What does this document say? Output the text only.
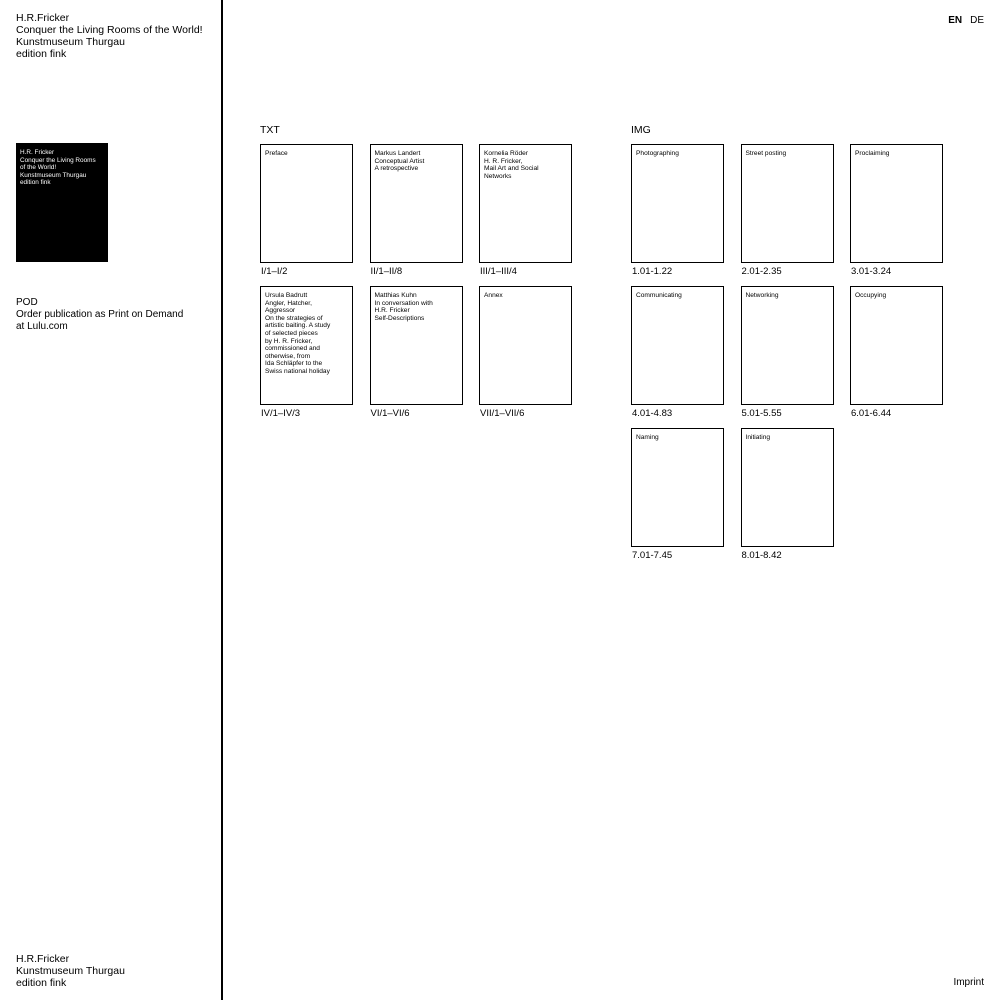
H.R.Fricker
Conquer the Living Rooms of the World!
Kunstmuseum Thurgau
edition fink
H.R. Fricker
Conquer the Living Rooms
of the World!
Kunstmuseum Thurgau
edition fink
POD
Order publication as Print on Demand
at Lulu.com
H.R.Fricker
Kunstmuseum Thurgau
edition fink
EN DE
TXT	IMG
Preface
I/1–I/2
Markus Landert
Conceptual Artist
A retrospective
II/1–II/8
Kornelia Röder
H. R. Fricker,
Mail Art and Social
Networks
III/1–III/4
Ursula Badrutt
Angler, Hatcher,
Aggressor
On the strategies of
artistic baiting. A study
of selected pieces
by H. R. Fricker,
commissioned and
otherwise, from
Ida Schläpfer to the
Swiss national holiday
IV/1–IV/3
Matthias Kuhn
In conversation with
H.R. Fricker
Self-Descriptions
VI/1–VI/6
Annex
VII/1–VII/6
Photographing
1.01-1.22
Street posting
2.01-2.35
Proclaiming
3.01-3.24
Communicating
4.01-4.83
Networking
5.01-5.55
Occupying
6.01-6.44
Naming
7.01-7.45
Initiating
8.01-8.42
Imprint
